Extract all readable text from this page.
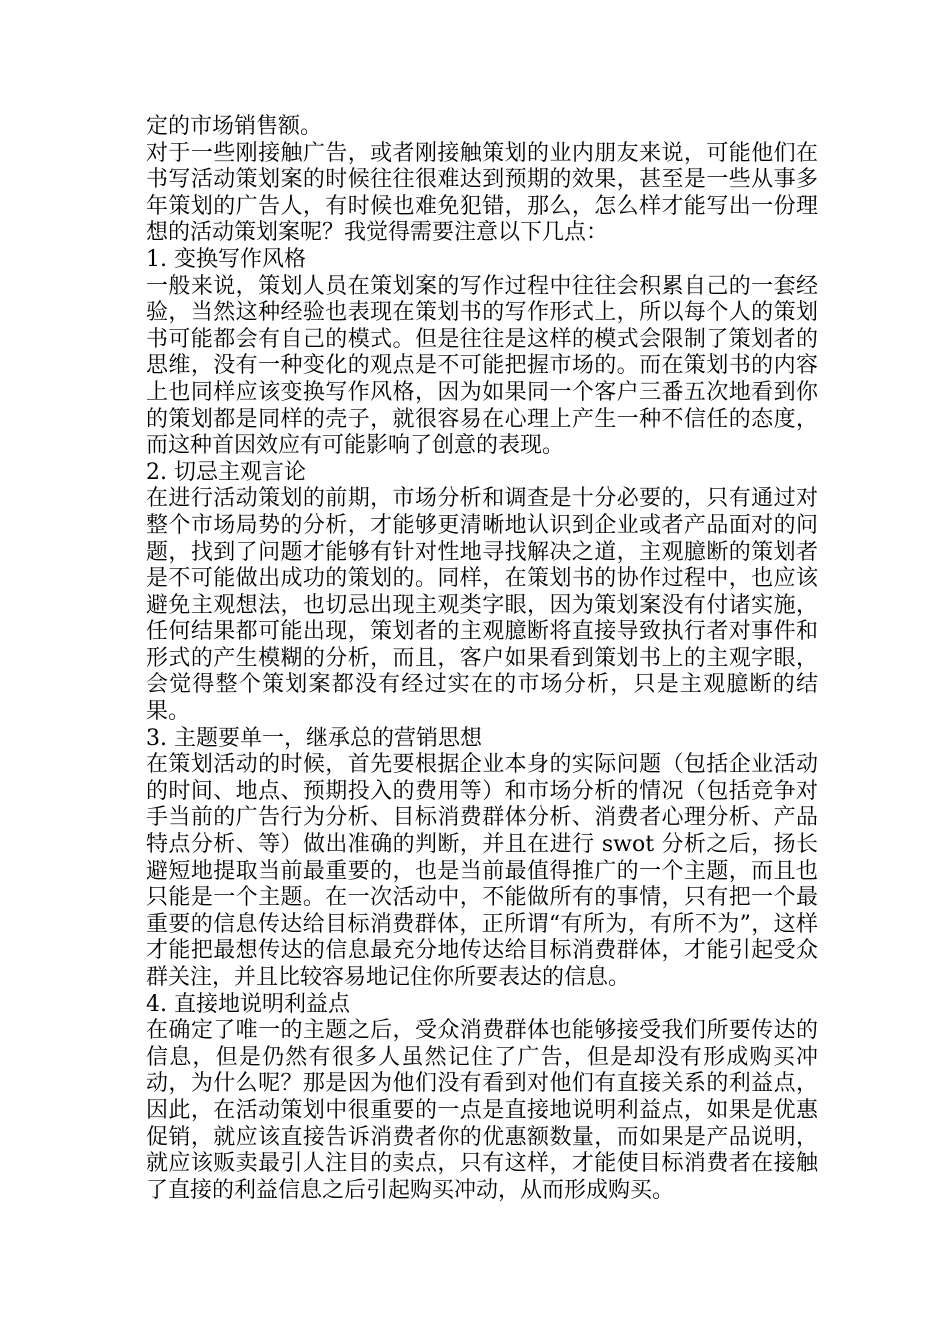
定的市场销售额。

对于一些刚接触广告，或者刚接触策划的业内朋友来说，可能他们在书写活动策划案的时候往往很难达到预期的效果，甚至是一些从事多年策划的广告人，有时候也难免犯错，那么，怎么样才能写出一份理想的活动策划案呢？我觉得需要注意以下几点：

1. 变换写作风格

一般来说，策划人员在策划案的写作过程中往往会积累自己的一套经验，当然这种经验也表现在策划书的写作形式上，所以每个人的策划书可能都会有自己的模式。但是往往是这样的模式会限制了策划者的思维，没有一种变化的观点是不可能把握市场的。而在策划书的内容上也同样应该变换写作风格，因为如果同一个客户三番五次地看到你的策划都是同样的壳子，就很容易在心理上产生一种不信任的态度，而这种首因效应有可能影响了创意的表现。

2. 切忌主观言论

在进行活动策划的前期，市场分析和调查是十分必要的，只有通过对整个市场局势的分析，才能够更清晰地认识到企业或者产品面对的问题，找到了问题才能够有针对性地寻找解决之道，主观臆断的策划者是不可能做出成功的策划的。同样，在策划书的协作过程中，也应该避免主观想法，也切忌出现主观类字眼，因为策划案没有付诸实施，任何结果都可能出现，策划者的主观臆断将直接导致执行者对事件和形式的产生模糊的分析，而且，客户如果看到策划书上的主观字眼，会觉得整个策划案都没有经过实在的市场分析，只是主观臆断的结果。

3. 主题要单一，继承总的营销思想

在策划活动的时候，首先要根据企业本身的实际问题（包括企业活动的时间、地点、预期投入的费用等）和市场分析的情况（包括竞争对手当前的广告行为分析、目标消费群体分析、消费者心理分析、产品特点分析、等）做出准确的判断，并且在进行 swot 分析之后，扬长避短地提取当前最重要的，也是当前最值得推广的一个主题，而且也只能是一个主题。在一次活动中，不能做所有的事情，只有把一个最重要的信息传达给目标消费群体，正所谓“有所为，有所不为”，这样才能把最想传达的信息最充分地传达给目标消费群体，才能引起受众群关注，并且比较容易地记住你所要表达的信息。

4. 直接地说明利益点

在确定了唯一的主题之后，受众消费群体也能够接受我们所要传达的信息，但是仍然有很多人虽然记住了广告，但是却没有形成购买冲动，为什么呢？那是因为他们没有看到对他们有直接关系的利益点，因此，在活动策划中很重要的一点是直接地说明利益点，如果是优惠促销，就应该直接告诉消费者你的优惠额数量，而如果是产品说明，就应该贩卖最引人注目的卖点，只有这样，才能使目标消费者在接触了直接的利益信息之后引起购买冲动，从而形成购买。
